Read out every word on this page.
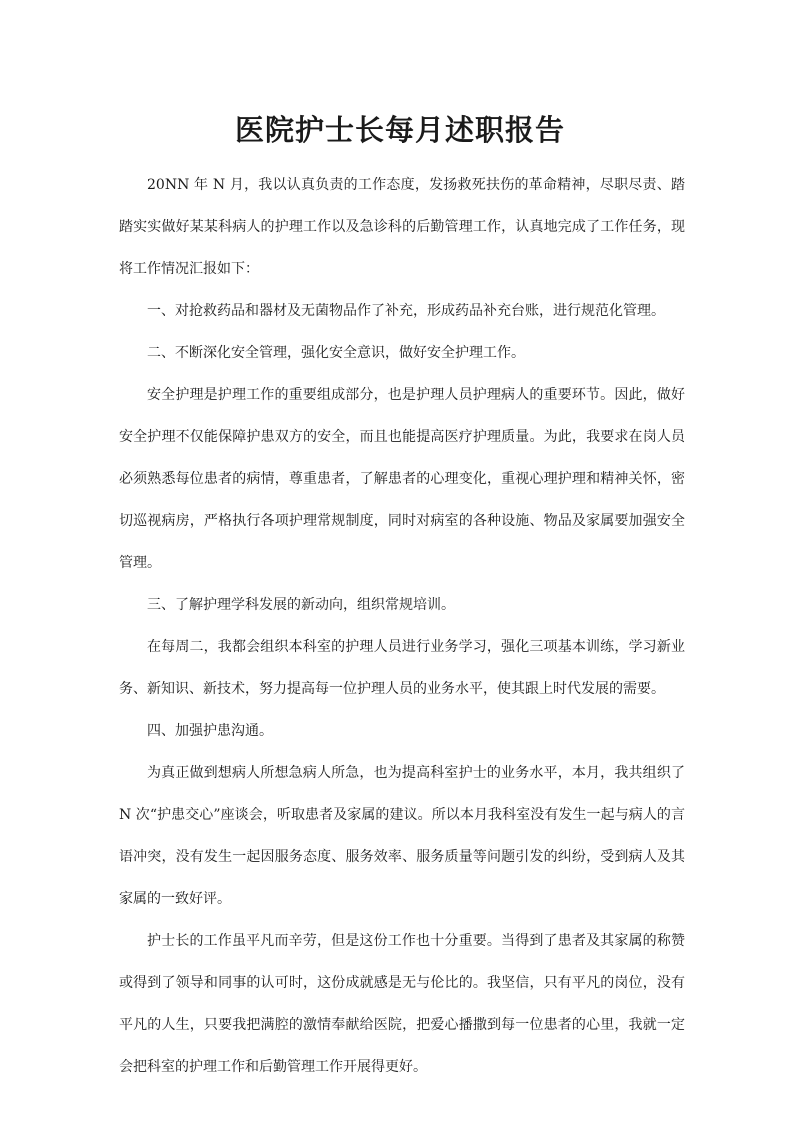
医院护士长每月述职报告

20NN 年 N 月，我以认真负责的工作态度，发扬救死扶伤的革命精神，尽职尽责、踏踏实实做好某某科病人的护理工作以及急诊科的后勤管理工作，认真地完成了工作任务，现将工作情况汇报如下：

一、对抢救药品和器材及无菌物品作了补充，形成药品补充台账，进行规范化管理。

二、不断深化安全管理，强化安全意识，做好安全护理工作。

安全护理是护理工作的重要组成部分，也是护理人员护理病人的重要环节。因此，做好安全护理不仅能保障护患双方的安全，而且也能提高医疗护理质量。为此，我要求在岗人员必须熟悉每位患者的病情，尊重患者，了解患者的心理变化，重视心理护理和精神关怀，密切巡视病房，严格执行各项护理常规制度，同时对病室的各种设施、物品及家属要加强安全管理。

三、了解护理学科发展的新动向，组织常规培训。

在每周二，我都会组织本科室的护理人员进行业务学习，强化三项基本训练，学习新业务、新知识、新技术，努力提高每一位护理人员的业务水平，使其跟上时代发展的需要。

四、加强护患沟通。

为真正做到想病人所想急病人所急，也为提高科室护士的业务水平，本月，我共组织了 N 次“护患交心”座谈会，听取患者及家属的建议。所以本月我科室没有发生一起与病人的言语冲突，没有发生一起因服务态度、服务效率、服务质量等问题引发的纠纷，受到病人及其家属的一致好评。

护士长的工作虽平凡而辛劳，但是这份工作也十分重要。当得到了患者及其家属的称赞或得到了领导和同事的认可时，这份成就感是无与伦比的。我坚信，只有平凡的岗位，没有平凡的人生，只要我把满腔的激情奉献给医院，把爱心播撒到每一位患者的心里，我就一定会把科室的护理工作和后勤管理工作开展得更好。
